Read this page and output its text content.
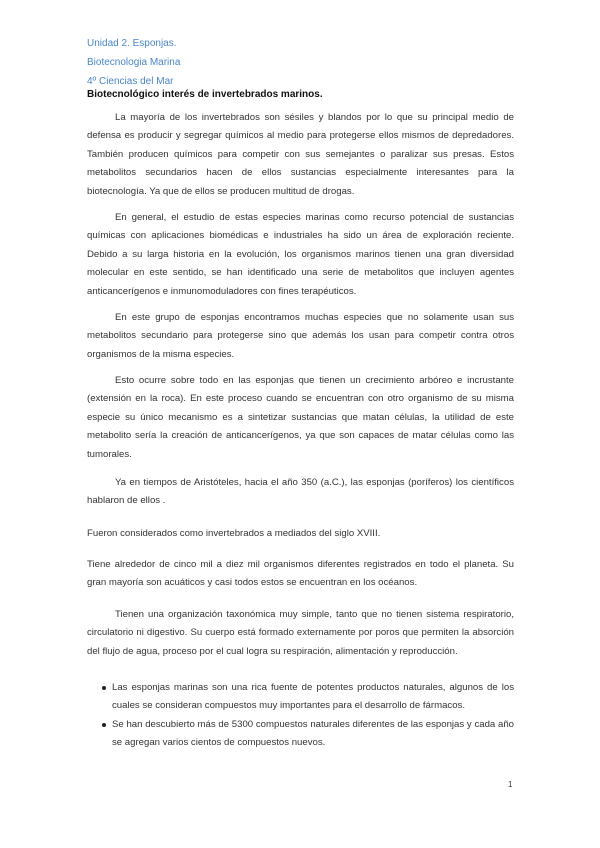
Unidad 2. Esponjas.
Biotecnologia Marina
4º Ciencias del Mar
Biotecnológico interés de invertebrados marinos.

La mayoría de los invertebrados son sésiles y blandos por lo que su principal medio de defensa es producir y segregar químicos al medio para protegerse ellos mismos de depredadores. También producen químicos para competir con sus semejantes o paralizar sus presas. Estos metabolitos secundarios hacen de ellos sustancias especialmente interesantes para la biotecnología. Ya que de ellos se producen multitud de drogas.

En general, el estudio de estas especies marinas como recurso potencial de sustancias químicas con aplicaciones biomédicas e industriales ha sido un área de exploración reciente. Debido a su larga historia en la evolución, los organismos marinos tienen una gran diversidad molecular en este sentido, se han identificado una serie de metabolitos que incluyen agentes anticancerígenos e inmunomoduladores con fines terapéuticos.

En este grupo de esponjas encontramos muchas especies que no solamente usan sus metabolitos secundario para protegerse sino que además los usan para competir contra otros organismos de la misma especies.

Esto ocurre sobre todo en las esponjas que tienen un crecimiento arbóreo e incrustante (extensión en la roca). En este proceso cuando se encuentran con otro organismo de su misma especie su único mecanismo es a sintetizar sustancias que matan células, la utilidad de este metabolito sería la creación de anticancerígenos, ya que son capaces de matar células como las tumorales.

Ya en tiempos de Aristóteles, hacia el año 350 (a.C.), las esponjas (poríferos) los científicos hablaron de ellos .

Fueron considerados como invertebrados a mediados del siglo XVIII.

Tiene alrededor de cinco mil a diez mil organismos diferentes registrados en todo el planeta. Su gran mayoría son acuáticos y casi todos estos se encuentran en los océanos.

Tienen una organización taxonómica muy simple, tanto que no tienen sistema respiratorio, circulatorio ni digestivo. Su cuerpo está formado externamente por poros que permiten la absorción del flujo de agua, proceso por el cual logra su respiración, alimentación y reproducción.

Las esponjas marinas son una rica fuente de potentes productos naturales, algunos de los cuales se consideran compuestos muy importantes para el desarrollo de fármacos.
Se han descubierto más de 5300 compuestos naturales diferentes de las esponjas y cada año se agregan varios cientos de compuestos nuevos.
1
